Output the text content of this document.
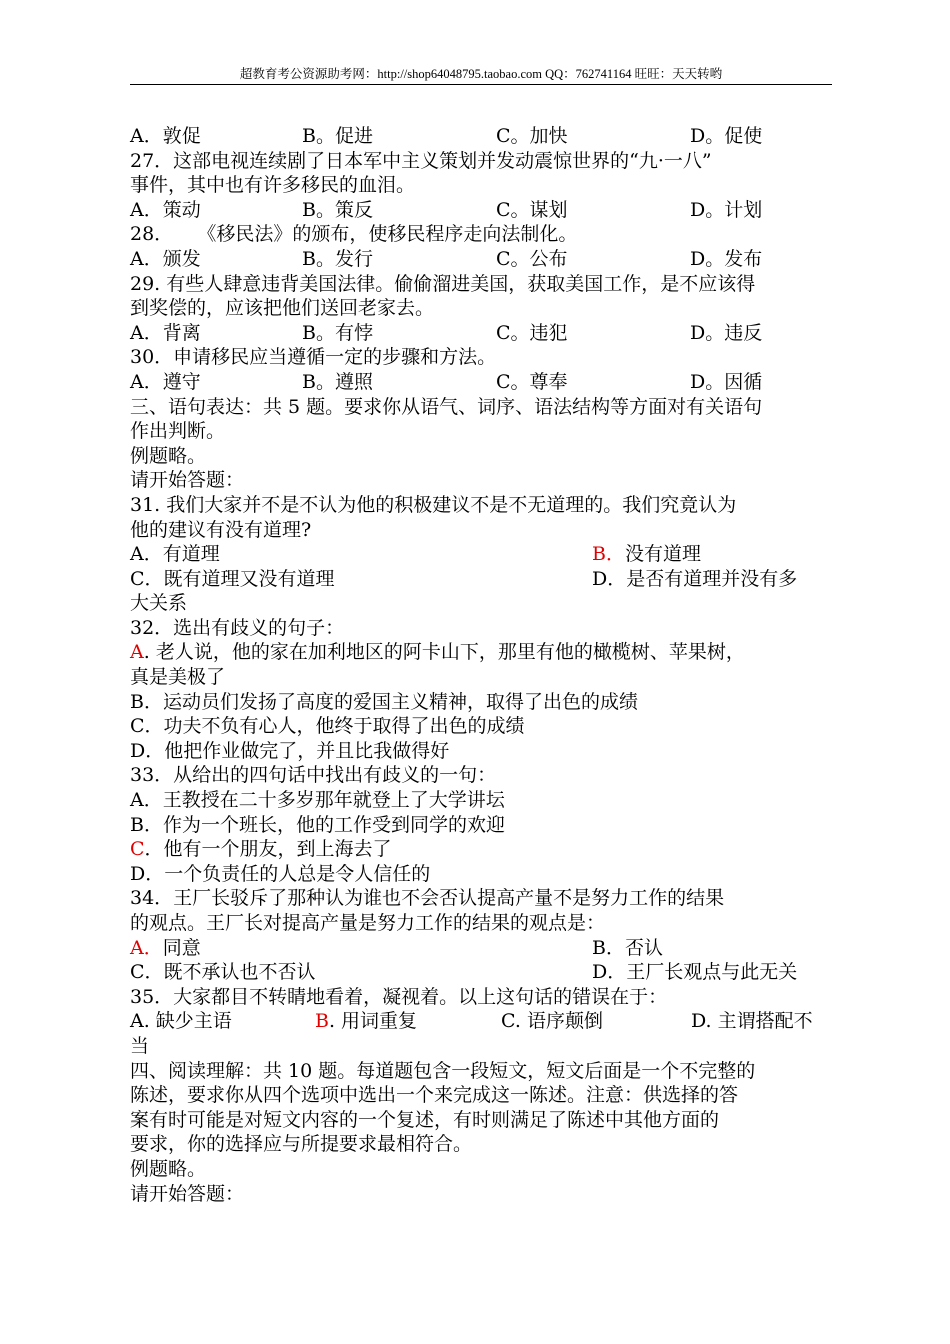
超教育考公资源助考网：http://shop64048795.taobao.com QQ：762741164 旺旺：天天转哟
A．敦促	B。促进	C。加快	D。促使
27．这部电视连续剧了日本军中主义策划并发动震惊世界的“九·一八”
事件，其中也有许多移民的血泪。
A．策动	B。策反	C。谋划	D。计划
28．    《移民法》的颁布，使移民程序走向法制化。
A．颁发	B。发行	C。公布	D。发布
29. 有些人肆意违背美国法律。偷偷溜进美国，获取美国工作，是不应该得
到奖偿的，应该把他们送回老家去。
A．背离	B。有悖	C。违犯	D。违反
30．申请移民应当遵循一定的步骤和方法。
A．遵守	B。遵照	C。尊奉	D。因循
三、语句表达：共 5 题。要求你从语气、词序、语法结构等方面对有关语句
作出判断。
例题略。
请开始答题：
31. 我们大家并不是不认为他的积极建议不是不无道理的。我们究竟认为
他的建议有没有道理?
A．有道理	B．没有道理
C．既有道理又没有道理	D．是否有道理并没有多
大关系
32．选出有歧义的句子：
A. 老人说，他的家在加利地区的阿卡山下，那里有他的橄榄树、苹果树，
真是美极了
B．运动员们发扬了高度的爱国主义精神，取得了出色的成绩
C．功夫不负有心人，他终于取得了出色的成绩
D．他把作业做完了，并且比我做得好
33．从给出的四句话中找出有歧义的一句：
A．王教授在二十多岁那年就登上了大学讲坛
B．作为一个班长，他的工作受到同学的欢迎
C．他有一个朋友，到上海去了
D．一个负责任的人总是令人信任的
34．王厂长驳斥了那种认为谁也不会否认提高产量不是努力工作的结果
的观点。王厂长对提高产量是努力工作的结果的观点是：
A．同意	B．否认
C．既不承认也不否认	D．王厂长观点与此无关
35．大家都目不转睛地看着，凝视着。以上这句话的错误在于：
A. 缺少主语	B. 用词重复	C. 语序颠倒	D. 主谓搭配不
当
四、阅读理解：共 10 题。每道题包含一段短文，短文后面是一个不完整的
陈述，要求你从四个选项中选出一个来完成这一陈述。注意：供选择的答
案有时可能是对短文内容的一个复述，有时则满足了陈述中其他方面的
要求，你的选择应与所提要求最相符合。
例题略。
请开始答题：
